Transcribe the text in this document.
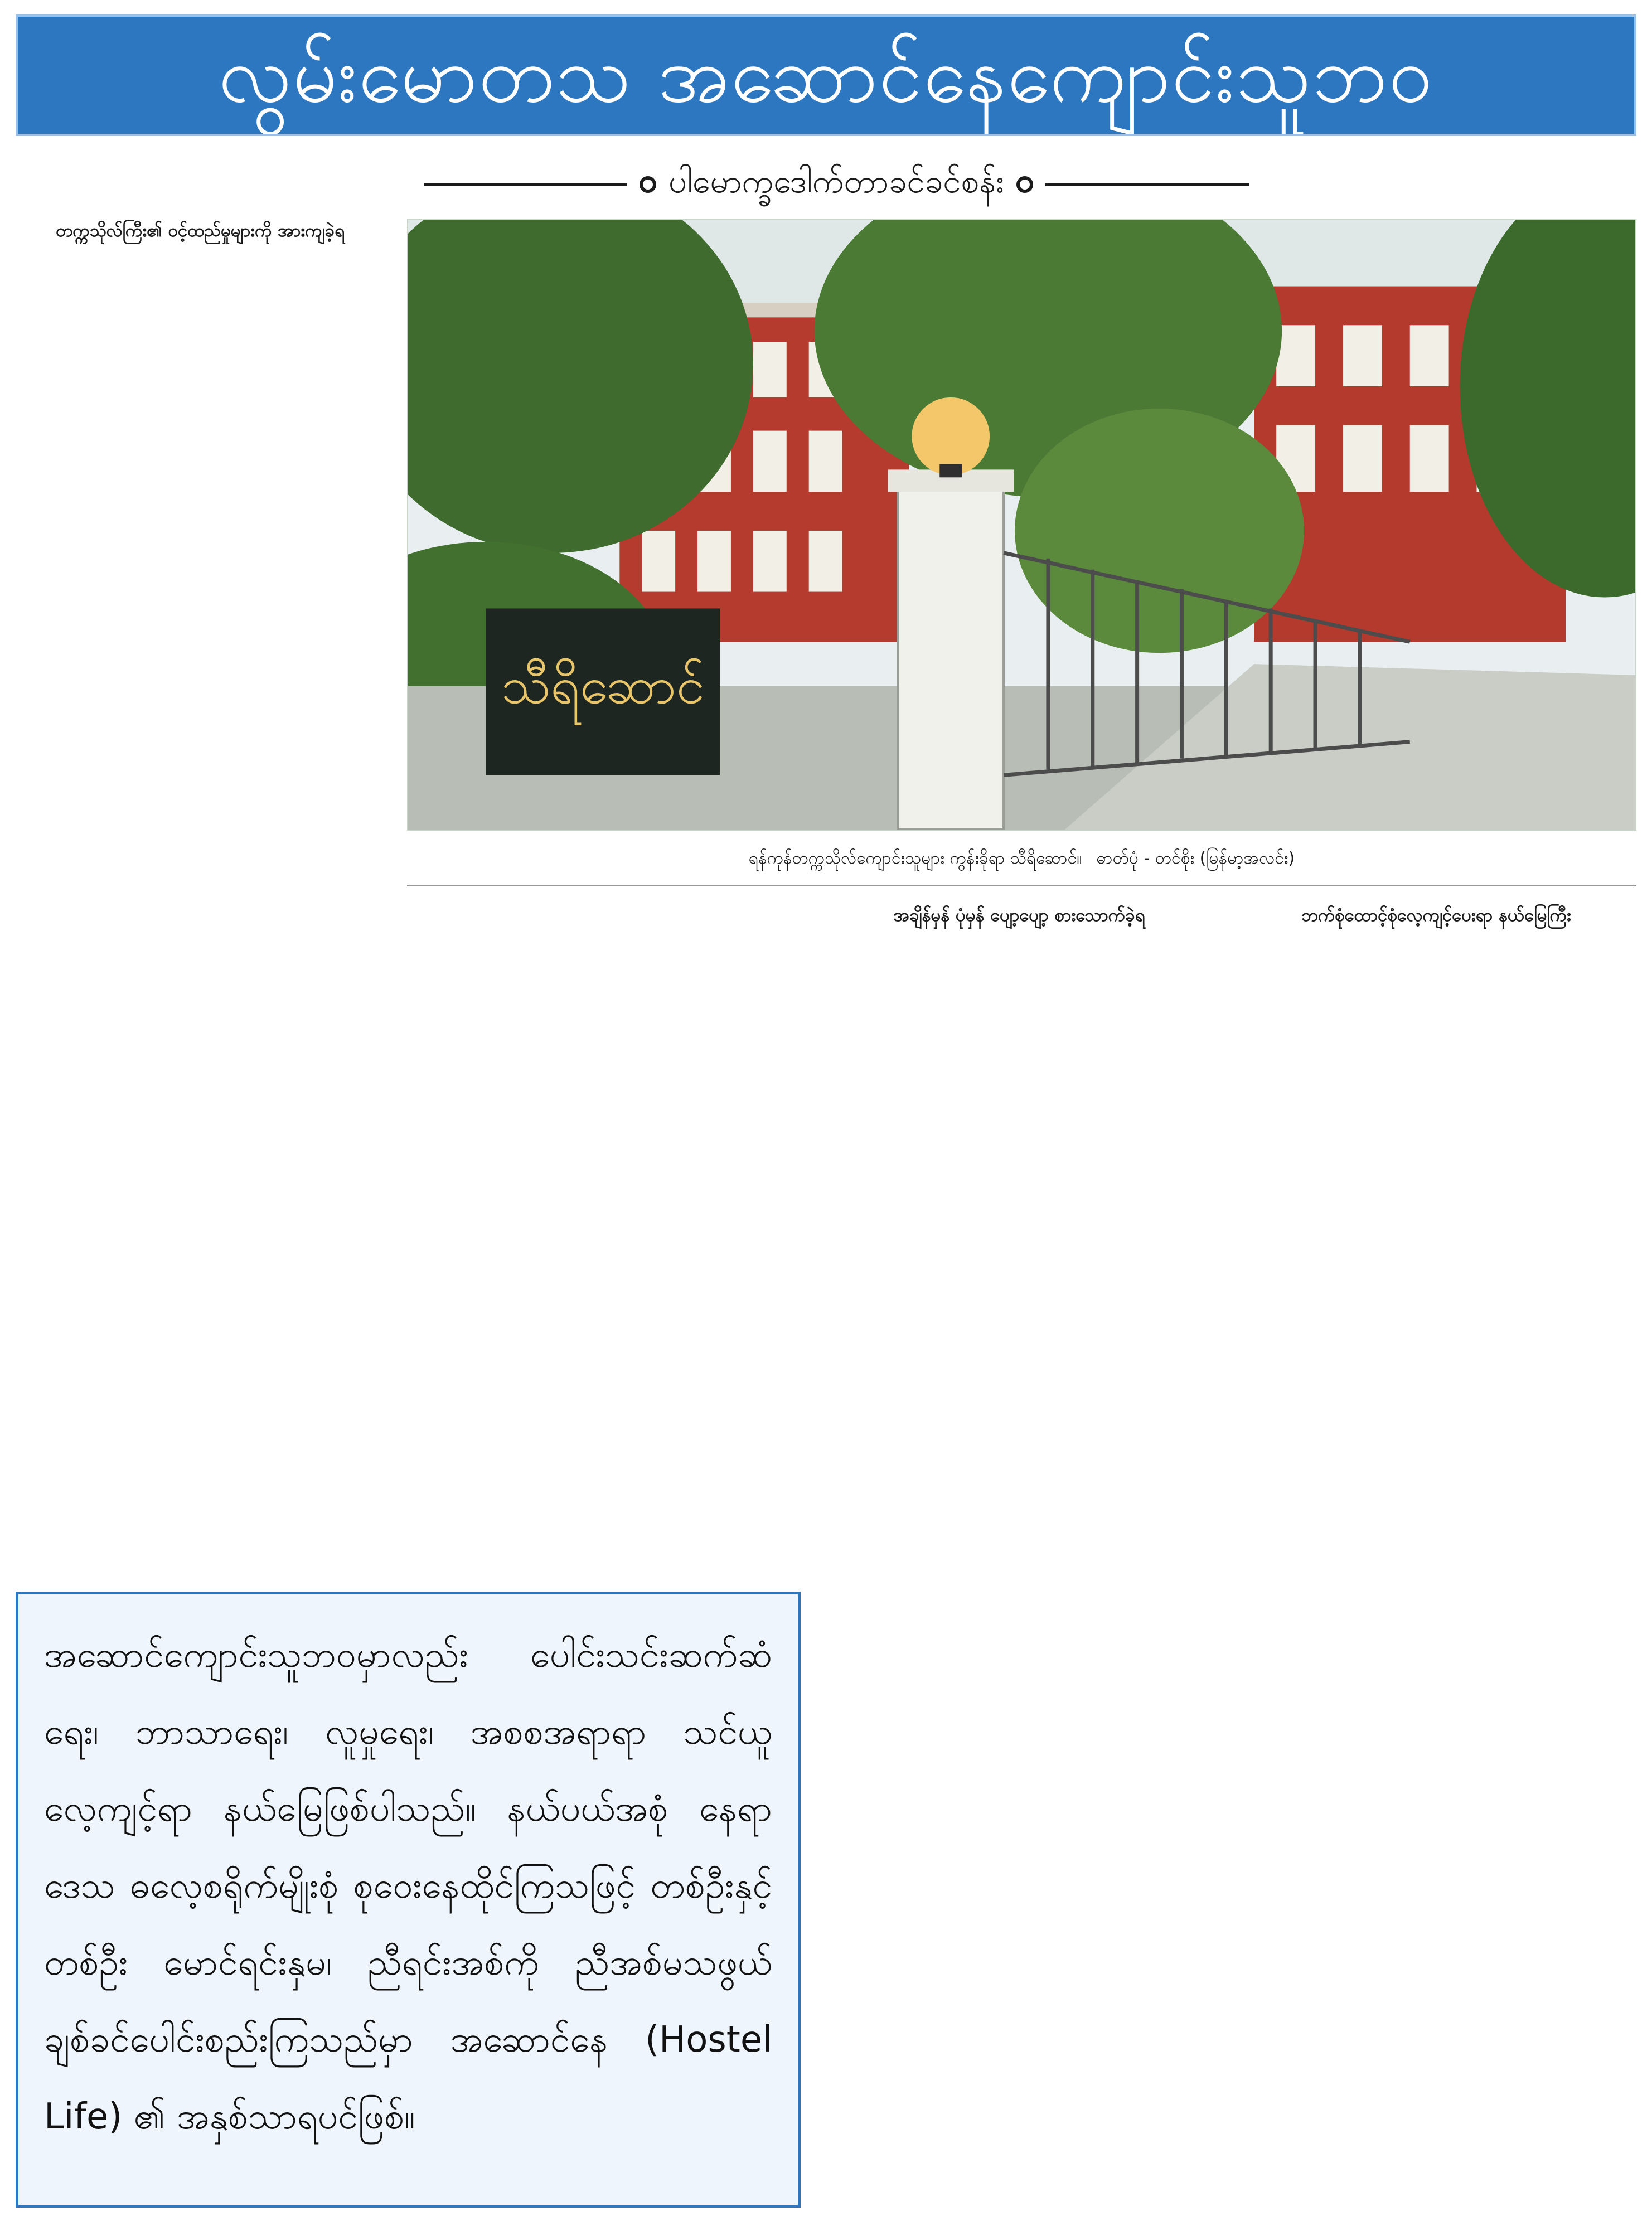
လွမ်းမောတသ အဆောင်နေကျောင်းသူဘဝ
ပါမောက္ခဒေါက်တာခင်ခင်စန်း

တက္ကသိုလ်ကြီး၏ ဝင့်ထည်မှုများကို အားကျခဲ့ရ

သီရိဆောင်
ရန်ကုန်တက္ကသိုလ်ကျောင်းသူများ ကွန်းခိုရာ သီရိဆောင်။ ဓာတ်ပုံ - တင်စိုး (မြန်မာ့အလင်း)

အချိန်မှန် ပုံမှန် ပျော့ပျော့ စားသောက်ခဲ့ရ	ဘက်စုံထောင့်စုံလေ့ကျင့်ပေးရာ နယ်မြေကြီး

အဆောင်ကျောင်းသူဘဝမှာလည်း ပေါင်းသင်းဆက်ဆံရေး၊ ဘာသာရေး၊ လူမှုရေး၊ အစစအရာရာ သင်ယူလေ့ကျင့်ရာ နယ်မြေဖြစ်ပါသည်။ နယ်ပယ်အစုံ နေရာဒေသ ဓလေ့စရိုက်မျိုးစုံ စုဝေးနေထိုင်ကြသဖြင့် တစ်ဦးနှင့်တစ်ဦး မောင်ရင်းနှမ၊ ညီရင်းအစ်ကို ညီအစ်မသဖွယ် ချစ်ခင်ပေါင်းစည်းကြသည်မှာ အဆောင်နေ (Hostel Life) ၏ အနှစ်သာရပင်ဖြစ်။
